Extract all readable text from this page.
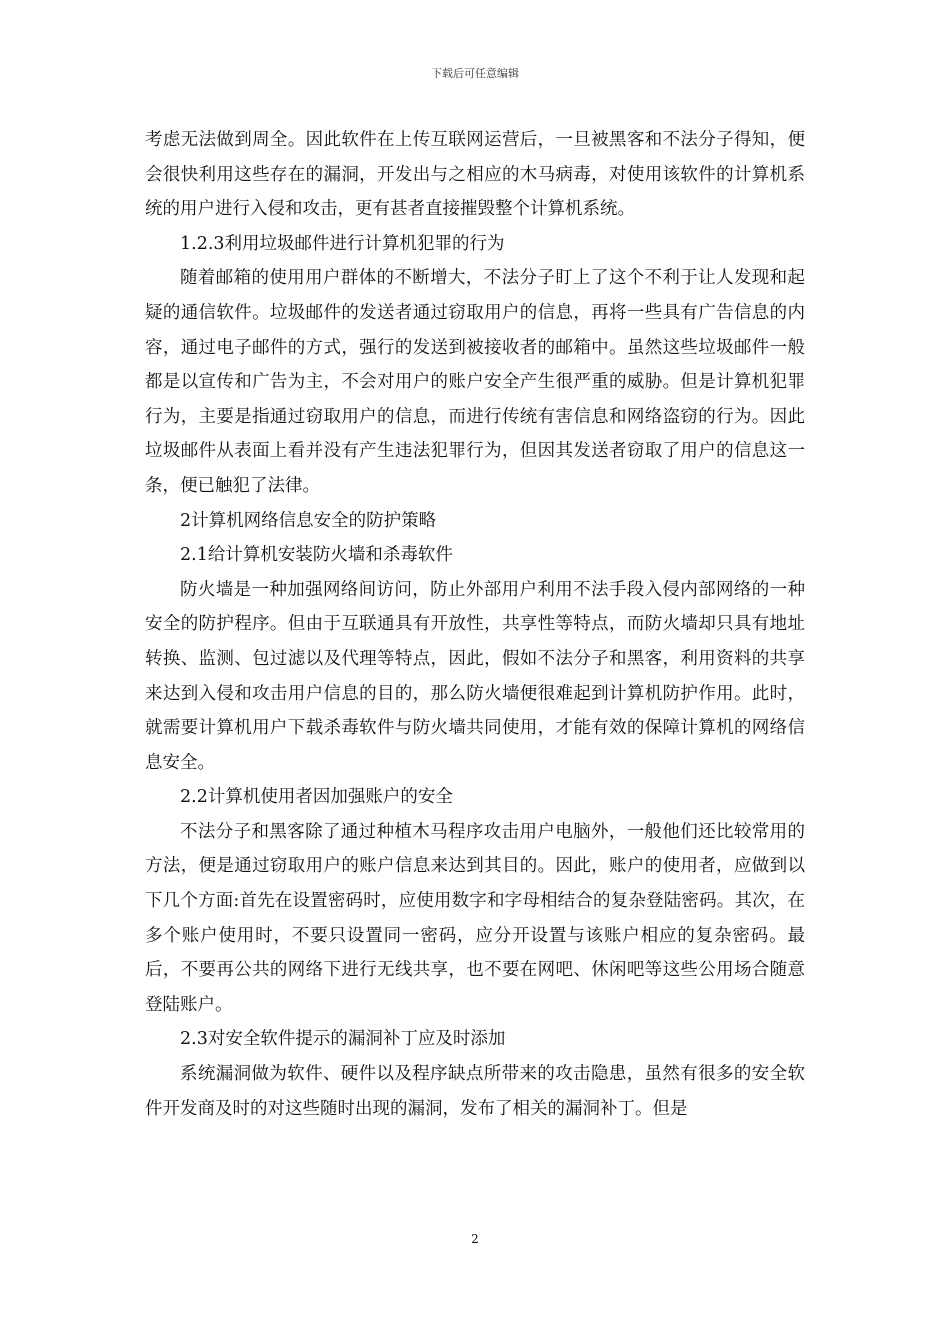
下载后可任意编辑

考虑无法做到周全。因此软件在上传互联网运营后，一旦被黑客和不法分子得知，便会很快利用这些存在的漏洞，开发出与之相应的木马病毒，对使用该软件的计算机系统的用户进行入侵和攻击，更有甚者直接摧毁整个计算机系统。

1.2.3利用垃圾邮件进行计算机犯罪的行为

随着邮箱的使用用户群体的不断增大，不法分子盯上了这个不利于让人发现和起疑的通信软件。垃圾邮件的发送者通过窃取用户的信息，再将一些具有广告信息的内容，通过电子邮件的方式，强行的发送到被接收者的邮箱中。虽然这些垃圾邮件一般都是以宣传和广告为主，不会对用户的账户安全产生很严重的威胁。但是计算机犯罪行为，主要是指通过窃取用户的信息，而进行传统有害信息和网络盗窃的行为。因此垃圾邮件从表面上看并没有产生违法犯罪行为，但因其发送者窃取了用户的信息这一条，便已触犯了法律。

2计算机网络信息安全的防护策略

2.1给计算机安装防火墙和杀毒软件

防火墙是一种加强网络间访问，防止外部用户利用不法手段入侵内部网络的一种安全的防护程序。但由于互联通具有开放性，共享性等特点，而防火墙却只具有地址转换、监测、包过滤以及代理等特点，因此，假如不法分子和黑客，利用资料的共享来达到入侵和攻击用户信息的目的，那么防火墙便很难起到计算机防护作用。此时，就需要计算机用户下载杀毒软件与防火墙共同使用，才能有效的保障计算机的网络信息安全。

2.2计算机使用者因加强账户的安全

不法分子和黑客除了通过种植木马程序攻击用户电脑外，一般他们还比较常用的方法，便是通过窃取用户的账户信息来达到其目的。因此，账户的使用者，应做到以下几个方面:首先在设置密码时，应使用数字和字母相结合的复杂登陆密码。其次，在多个账户使用时，不要只设置同一密码，应分开设置与该账户相应的复杂密码。最后，不要再公共的网络下进行无线共享，也不要在网吧、休闲吧等这些公用场合随意登陆账户。

2.3对安全软件提示的漏洞补丁应及时添加

系统漏洞做为软件、硬件以及程序缺点所带来的攻击隐患，虽然有很多的安全软件开发商及时的对这些随时出现的漏洞，发布了相关的漏洞补丁。但是

2
